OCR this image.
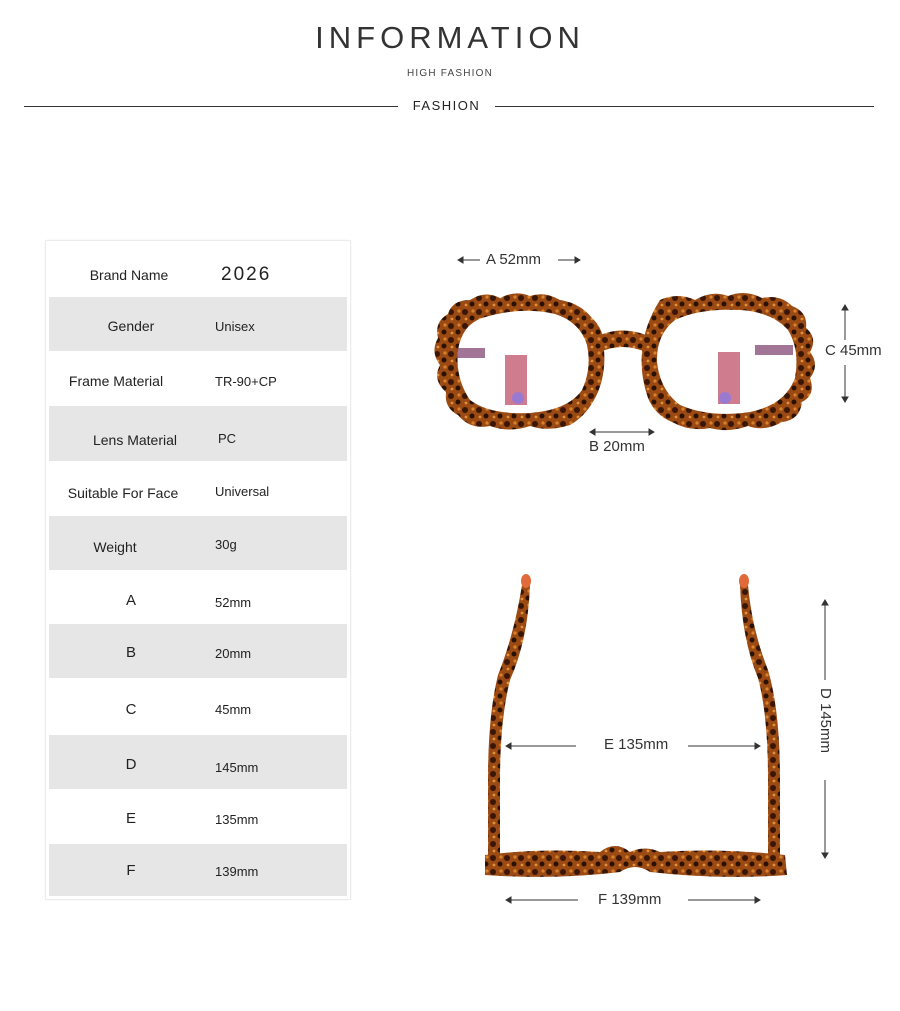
INFORMATION
HIGH FASHION
FASHION
Brand Name	2026
Gender	Unisex
Frame Material	TR-90+CP
Lens Material	PC
Suitable For Face	Universal
Weight	30g
A	52mm
B	20mm
C	45mm
D	145mm
E	135mm
F	139mm
A 52mm
B 20mm
C 45mm
D 145mm
E 135mm
F 139mm
